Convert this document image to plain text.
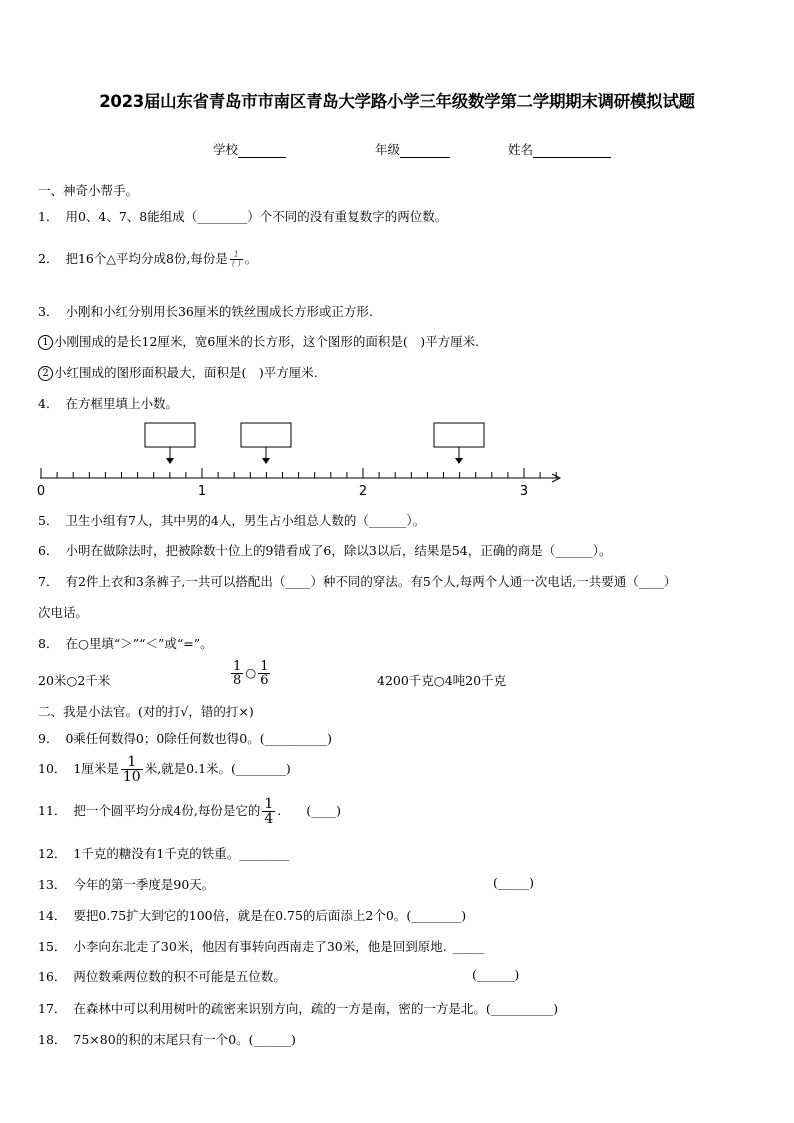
2023届山东省青岛市市南区青岛大学路小学三年级数学第二学期期末调研模拟试题
学校	年级	姓名
一、神奇小帮手。
1． 用0、4、7、8能组成（________）个不同的没有重复数字的两位数。
2． 把16个△平均分成8份,每份是 $\frac{1}{( )}$ 。
3． 小刚和小红分别用长36厘米的铁丝围成长方形或正方形.
1 小刚围成的是长12厘米，宽6厘米的长方形，这个图形的面积是(　)平方厘米.
2 小红围成的图形面积最大，面积是(　)平方厘米.
4． 在方框里填上小数。
0	1	2	3
5． 卫生小组有7人，其中男的4人，男生占小组总人数的（______）。
6． 小明在做除法时，把被除数十位上的9错看成了6，除以3以后，结果是54，正确的商是（______）。
7． 有2件上衣和3条裤子,一共可以搭配出（____）种不同的穿法。有5个人,每两个人通一次电话,一共要通（____）
次电话。
8． 在○里填“＞”“＜”或“=”。
20米○2千米	$\frac{1}{8}$ ○ $\frac{1}{6}$	4200千克○4吨20千克
二、我是小法官。(对的打√，错的打×)
9． 0乘任何数得0；0除任何数也得0。(__________)
10． 1厘米是 $\frac{1}{10}$ 米,就是0.1米。(________)
11． 把一个圆平均分成4份,每份是它的 $\frac{1}{4}$ .　　(____)
12． 1千克的糖没有1千克的铁重。________
13． 今年的第一季度是90天。	(_____)
14． 要把0.75扩大到它的100倍，就是在0.75的后面添上2个0。(________)
15． 小李向东北走了30米，他因有事转向西南走了30米，他是回到原地. _____
16． 两位数乘两位数的积不可能是五位数。	(______)
17． 在森林中可以利用树叶的疏密来识别方向，疏的一方是南，密的一方是北。(__________)
18． 75×80的积的末尾只有一个0。(______)
